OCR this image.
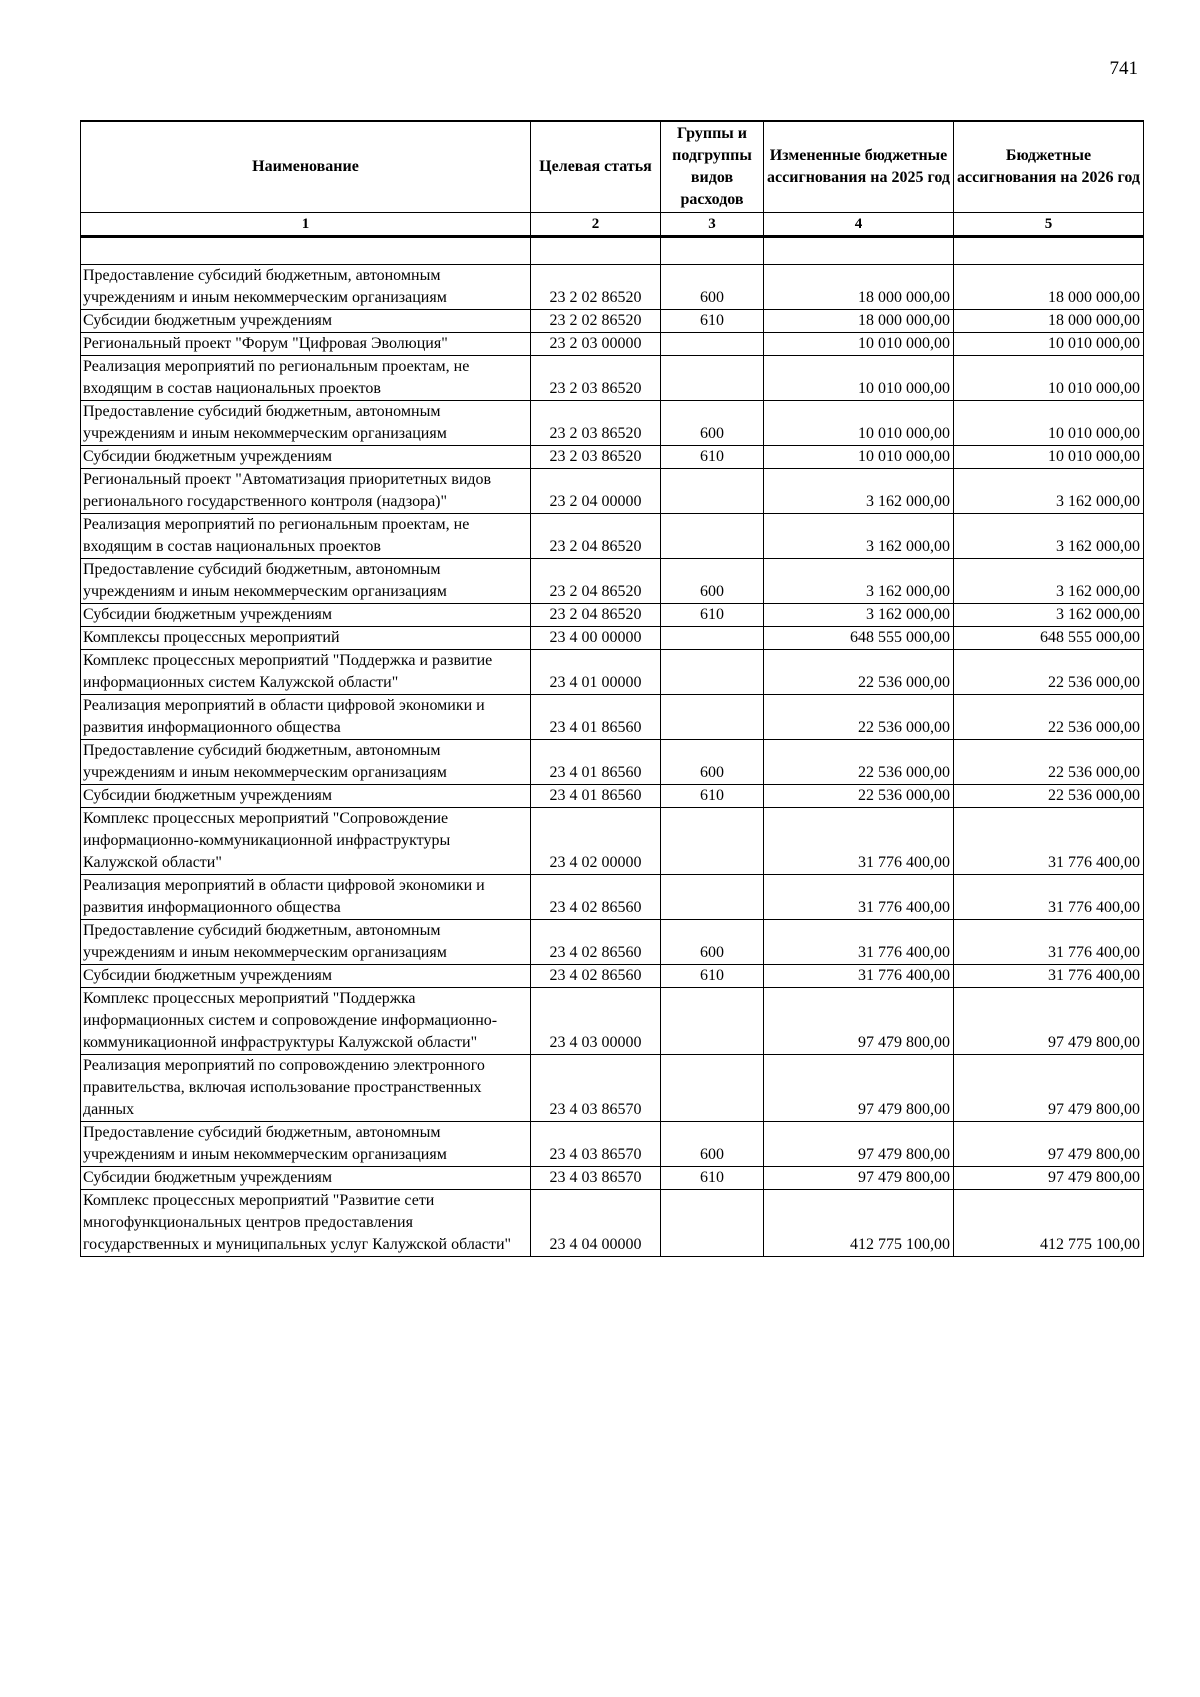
741
Наименование	Целевая статья	Группы и подгруппы видов расходов	Измененные бюджетные ассигнования на 2025 год	Бюджетные ассигнования на 2026 год
1	2	3	4	5

Предоставление субсидий бюджетным, автономным учреждениям и иным некоммерческим организациям	23 2 02 86520	600	18 000 000,00	18 000 000,00
Субсидии бюджетным учреждениям	23 2 02 86520	610	18 000 000,00	18 000 000,00
Региональный проект "Форум "Цифровая Эволюция"	23 2 03 00000		10 010 000,00	10 010 000,00
Реализация мероприятий по региональным проектам, не входящим в состав национальных проектов	23 2 03 86520		10 010 000,00	10 010 000,00
Предоставление субсидий бюджетным, автономным учреждениям и иным некоммерческим организациям	23 2 03 86520	600	10 010 000,00	10 010 000,00
Субсидии бюджетным учреждениям	23 2 03 86520	610	10 010 000,00	10 010 000,00
Региональный проект "Автоматизация приоритетных видов регионального государственного контроля (надзора)"	23 2 04 00000		3 162 000,00	3 162 000,00
Реализация мероприятий по региональным проектам, не входящим в состав национальных проектов	23 2 04 86520		3 162 000,00	3 162 000,00
Предоставление субсидий бюджетным, автономным учреждениям и иным некоммерческим организациям	23 2 04 86520	600	3 162 000,00	3 162 000,00
Субсидии бюджетным учреждениям	23 2 04 86520	610	3 162 000,00	3 162 000,00
Комплексы процессных мероприятий	23 4 00 00000		648 555 000,00	648 555 000,00
Комплекс процессных мероприятий "Поддержка и развитие информационных систем Калужской области"	23 4 01 00000		22 536 000,00	22 536 000,00
Реализация мероприятий в области цифровой экономики и развития информационного общества	23 4 01 86560		22 536 000,00	22 536 000,00
Предоставление субсидий бюджетным, автономным учреждениям и иным некоммерческим организациям	23 4 01 86560	600	22 536 000,00	22 536 000,00
Субсидии бюджетным учреждениям	23 4 01 86560	610	22 536 000,00	22 536 000,00
Комплекс процессных мероприятий "Сопровождение информационно-коммуникационной инфраструктуры Калужской области"	23 4 02 00000		31 776 400,00	31 776 400,00
Реализация мероприятий в области цифровой экономики и развития информационного общества	23 4 02 86560		31 776 400,00	31 776 400,00
Предоставление субсидий бюджетным, автономным учреждениям и иным некоммерческим организациям	23 4 02 86560	600	31 776 400,00	31 776 400,00
Субсидии бюджетным учреждениям	23 4 02 86560	610	31 776 400,00	31 776 400,00
Комплекс процессных мероприятий "Поддержка информационных систем и сопровождение информационно-коммуникационной инфраструктуры Калужской области"	23 4 03 00000		97 479 800,00	97 479 800,00
Реализация мероприятий по сопровождению электронного правительства, включая использование пространственных данных	23 4 03 86570		97 479 800,00	97 479 800,00
Предоставление субсидий бюджетным, автономным учреждениям и иным некоммерческим организациям	23 4 03 86570	600	97 479 800,00	97 479 800,00
Субсидии бюджетным учреждениям	23 4 03 86570	610	97 479 800,00	97 479 800,00
Комплекс процессных мероприятий "Развитие сети многофункциональных центров предоставления государственных и муниципальных услуг Калужской области"	23 4 04 00000		412 775 100,00	412 775 100,00
